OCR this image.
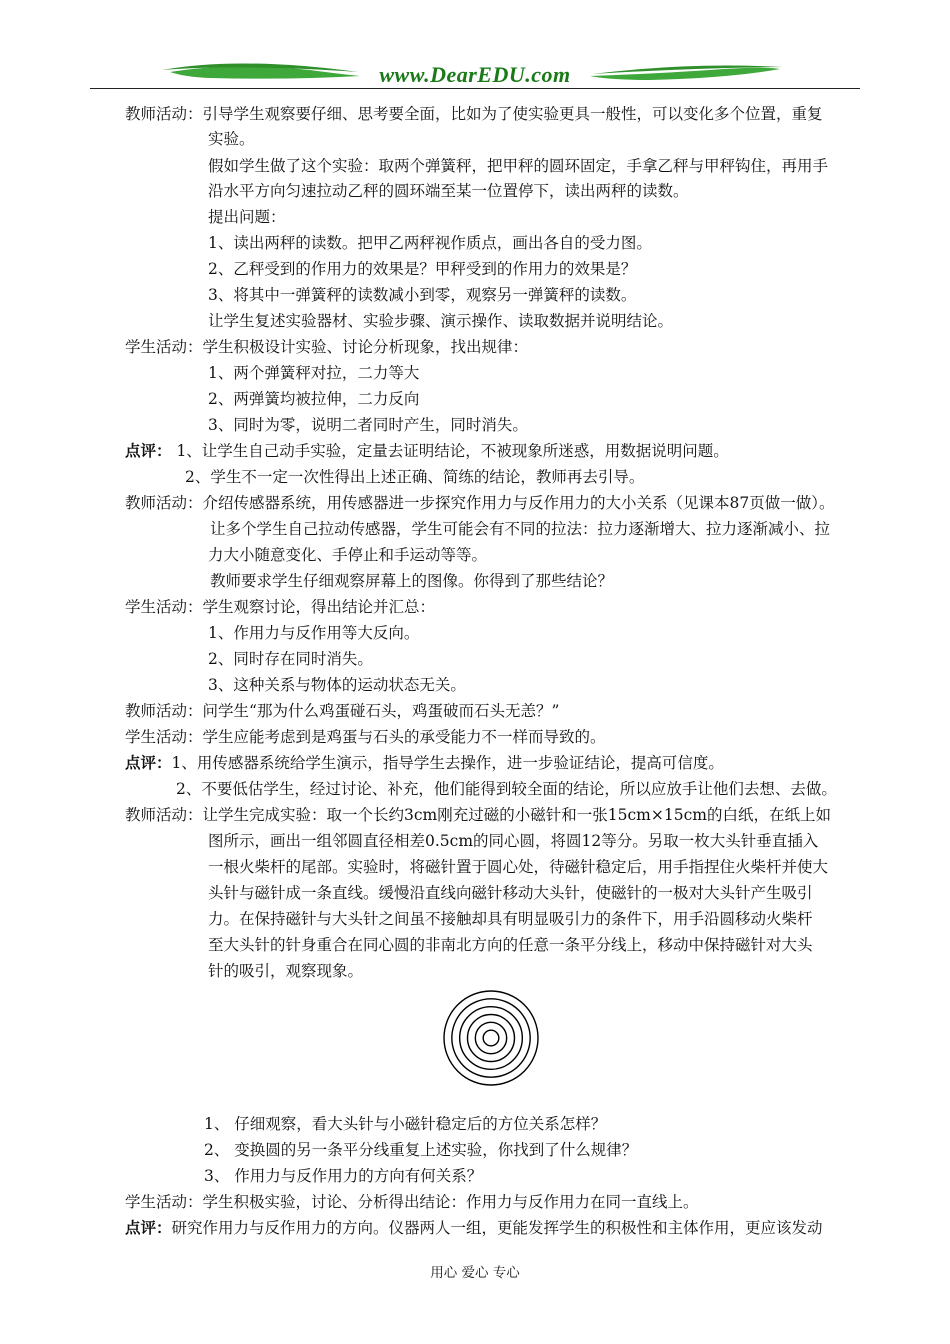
www.DearEDU.com
教师活动：引导学生观察要仔细、思考要全面，比如为了使实验更具一般性，可以变化多个位置，重复
实验。
假如学生做了这个实验：取两个弹簧秤，把甲秤的圆环固定，手拿乙秤与甲秤钩住，再用手
沿水平方向匀速拉动乙秤的圆环端至某一位置停下，读出两秤的读数。
提出问题：
1、读出两秤的读数。把甲乙两秤视作质点，画出各自的受力图。
2、乙秤受到的作用力的效果是？甲秤受到的作用力的效果是？
3、将其中一弹簧秤的读数减小到零，观察另一弹簧秤的读数。
让学生复述实验器材、实验步骤、演示操作、读取数据并说明结论。
学生活动：学生积极设计实验、讨论分析现象，找出规律：
1、两个弹簧秤对拉，二力等大
2、两弹簧均被拉伸，二力反向
3、同时为零，说明二者同时产生，同时消失。
点评： 1、让学生自己动手实验，定量去证明结论，不被现象所迷惑，用数据说明问题。
2、学生不一定一次性得出上述正确、简练的结论，教师再去引导。
教师活动：介绍传感器系统，用传感器进一步探究作用力与反作用力的大小关系（见课本87页做一做）。
让多个学生自己拉动传感器，学生可能会有不同的拉法：拉力逐渐增大、拉力逐渐减小、拉
力大小随意变化、手停止和手运动等等。
教师要求学生仔细观察屏幕上的图像。你得到了那些结论？
学生活动：学生观察讨论，得出结论并汇总：
1、作用力与反作用等大反向。
2、同时存在同时消失。
3、这种关系与物体的运动状态无关。
教师活动：问学生“那为什么鸡蛋碰石头，鸡蛋破而石头无恙？”
学生活动：学生应能考虑到是鸡蛋与石头的承受能力不一样而导致的。
点评：1、用传感器系统给学生演示，指导学生去操作，进一步验证结论，提高可信度。
2、不要低估学生，经过讨论、补充，他们能得到较全面的结论，所以应放手让他们去想、去做。
教师活动：让学生完成实验：取一个长约3cm刚充过磁的小磁针和一张15cm×15cm的白纸，在纸上如
图所示，画出一组邻圆直径相差0.5cm的同心圆，将圆12等分。另取一枚大头针垂直插入
一根火柴杆的尾部。实验时，将磁针置于圆心处，待磁针稳定后，用手指捏住火柴杆并使大
头针与磁针成一条直线。缓慢沿直线向磁针移动大头针，使磁针的一极对大头针产生吸引
力。在保持磁针与大头针之间虽不接触却具有明显吸引力的条件下，用手沿圆移动火柴杆
至大头针的针身重合在同心圆的非南北方向的任意一条平分线上，移动中保持磁针对大头
针的吸引，观察现象。
1、 仔细观察，看大头针与小磁针稳定后的方位关系怎样？
2、 变换圆的另一条平分线重复上述实验，你找到了什么规律？
3、 作用力与反作用力的方向有何关系？
学生活动：学生积极实验，讨论、分析得出结论：作用力与反作用力在同一直线上。
点评：研究作用力与反作用力的方向。仪器两人一组，更能发挥学生的积极性和主体作用，更应该发动
用心 爱心 专心
